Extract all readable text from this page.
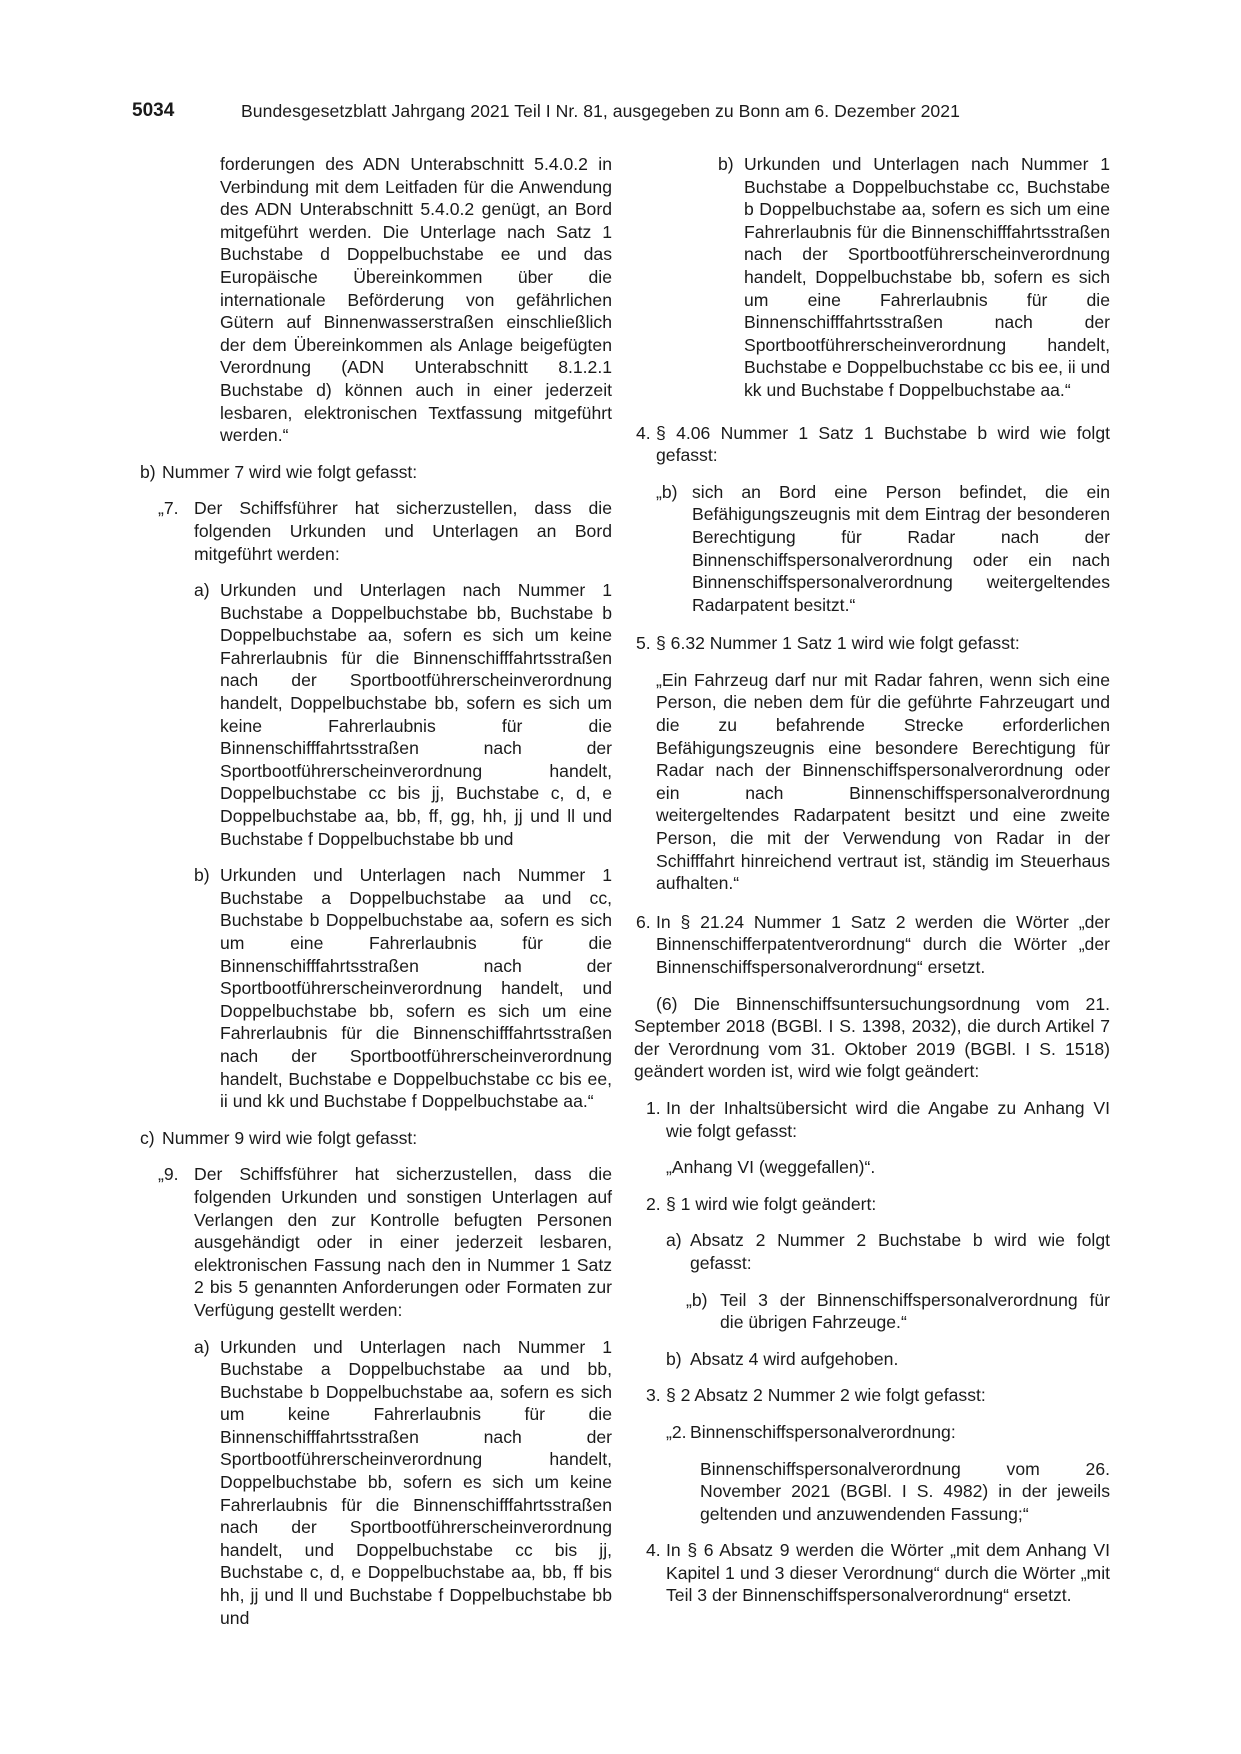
5034	Bundesgesetzblatt Jahrgang 2021 Teil I Nr. 81, ausgegeben zu Bonn am 6. Dezember 2021
forderungen des ADN Unterabschnitt 5.4.0.2 in Verbindung mit dem Leitfaden für die Anwendung des ADN Unterabschnitt 5.4.0.2 genügt, an Bord mitgeführt werden. Die Unterlage nach Satz 1 Buchstabe d Doppelbuchstabe ee und das Europäische Übereinkommen über die internationale Beförderung von gefährlichen Gütern auf Binnenwasserstraßen einschließlich der dem Übereinkommen als Anlage beigefügten Verordnung (ADN Unterabschnitt 8.1.2.1 Buchstabe d) können auch in einer jederzeit lesbaren, elektronischen Textfassung mitgeführt werden.“
b) Nummer 7 wird wie folgt gefasst:
„7. Der Schiffsführer hat sicherzustellen, dass die folgenden Urkunden und Unterlagen an Bord mitgeführt werden:
a) Urkunden und Unterlagen nach Nummer 1 Buchstabe a Doppelbuchstabe bb, Buchstabe b Doppelbuchstabe aa, sofern es sich um keine Fahrerlaubnis für die Binnenschifffahrtsstraßen nach der Sportbootführerscheinverordnung handelt, Doppelbuchstabe bb, sofern es sich um keine Fahrerlaubnis für die Binnenschifffahrtsstraßen nach der Sportbootführerscheinverordnung handelt, Doppelbuchstabe cc bis jj, Buchstabe c, d, e Doppelbuchstabe aa, bb, ff, gg, hh, jj und ll und Buchstabe f Doppelbuchstabe bb und
b) Urkunden und Unterlagen nach Nummer 1 Buchstabe a Doppelbuchstabe aa und cc, Buchstabe b Doppelbuchstabe aa, sofern es sich um eine Fahrerlaubnis für die Binnenschifffahrtsstraßen nach der Sportbootführerscheinverordnung handelt, und Doppelbuchstabe bb, sofern es sich um eine Fahrerlaubnis für die Binnenschifffahrtsstraßen nach der Sportbootführerscheinverordnung handelt, Buchstabe e Doppelbuchstabe cc bis ee, ii und kk und Buchstabe f Doppelbuchstabe aa.“
c) Nummer 9 wird wie folgt gefasst:
„9. Der Schiffsführer hat sicherzustellen, dass die folgenden Urkunden und sonstigen Unterlagen auf Verlangen den zur Kontrolle befugten Personen ausgehändigt oder in einer jederzeit lesbaren, elektronischen Fassung nach den in Nummer 1 Satz 2 bis 5 genannten Anforderungen oder Formaten zur Verfügung gestellt werden:
a) Urkunden und Unterlagen nach Nummer 1 Buchstabe a Doppelbuchstabe aa und bb, Buchstabe b Doppelbuchstabe aa, sofern es sich um keine Fahrerlaubnis für die Binnenschifffahrtsstraßen nach der Sportbootführerscheinverordnung handelt, Doppelbuchstabe bb, sofern es sich um keine Fahrerlaubnis für die Binnenschifffahrtsstraßen nach der Sportbootführerscheinverordnung handelt, und Doppelbuchstabe cc bis jj, Buchstabe c, d, e Doppelbuchstabe aa, bb, ff bis hh, jj und ll und Buchstabe f Doppelbuchstabe bb und
b) Urkunden und Unterlagen nach Nummer 1 Buchstabe a Doppelbuchstabe cc, Buchstabe b Doppelbuchstabe aa, sofern es sich um eine Fahrerlaubnis für die Binnenschifffahrtsstraßen nach der Sportbootführerscheinverordnung handelt, Doppelbuchstabe bb, sofern es sich um eine Fahrerlaubnis für die Binnenschifffahrtsstraßen nach der Sportbootführerscheinverordnung handelt, Buchstabe e Doppelbuchstabe cc bis ee, ii und kk und Buchstabe f Doppelbuchstabe aa.“
4. § 4.06 Nummer 1 Satz 1 Buchstabe b wird wie folgt gefasst:
„b) sich an Bord eine Person befindet, die ein Befähigungszeugnis mit dem Eintrag der besonderen Berechtigung für Radar nach der Binnenschiffspersonalverordnung oder ein nach Binnenschiffspersonalverordnung weitergeltendes Radarpatent besitzt.“
5. § 6.32 Nummer 1 Satz 1 wird wie folgt gefasst:
„Ein Fahrzeug darf nur mit Radar fahren, wenn sich eine Person, die neben dem für die geführte Fahrzeugart und die zu befahrende Strecke erforderlichen Befähigungszeugnis eine besondere Berechtigung für Radar nach der Binnenschiffspersonalverordnung oder ein nach Binnenschiffspersonalverordnung weitergeltendes Radarpatent besitzt und eine zweite Person, die mit der Verwendung von Radar in der Schifffahrt hinreichend vertraut ist, ständig im Steuerhaus aufhalten.“
6. In § 21.24 Nummer 1 Satz 2 werden die Wörter „der Binnenschifferpatentverordnung“ durch die Wörter „der Binnenschiffspersonalverordnung“ ersetzt.
(6) Die Binnenschiffsuntersuchungsordnung vom 21. September 2018 (BGBl. I S. 1398, 2032), die durch Artikel 7 der Verordnung vom 31. Oktober 2019 (BGBl. I S. 1518) geändert worden ist, wird wie folgt geändert:
1. In der Inhaltsübersicht wird die Angabe zu Anhang VI wie folgt gefasst:
„Anhang VI (weggefallen)“.
2. § 1 wird wie folgt geändert:
a) Absatz 2 Nummer 2 Buchstabe b wird wie folgt gefasst:
„b) Teil 3 der Binnenschiffspersonalverordnung für die übrigen Fahrzeuge.“
b) Absatz 4 wird aufgehoben.
3. § 2 Absatz 2 Nummer 2 wie folgt gefasst:
„2. Binnenschiffspersonalverordnung:
Binnenschiffspersonalverordnung vom 26. November 2021 (BGBl. I S. 4982) in der jeweils geltenden und anzuwendenden Fassung;“
4. In § 6 Absatz 9 werden die Wörter „mit dem Anhang VI Kapitel 1 und 3 dieser Verordnung“ durch die Wörter „mit Teil 3 der Binnenschiffspersonalverordnung“ ersetzt.
